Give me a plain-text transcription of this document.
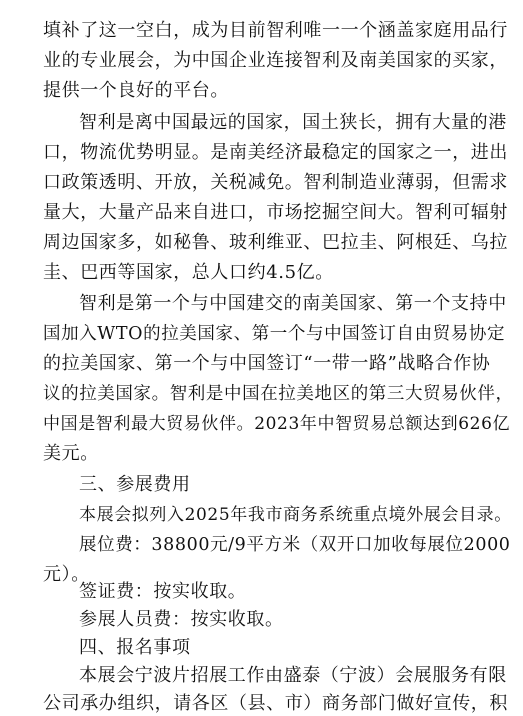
填补了这一空白，成为目前智利唯一一个涵盖家庭用品行
业的专业展会，为中国企业连接智利及南美国家的买家，
提供一个良好的平台。
智利是离中国最远的国家，国土狭长，拥有大量的港
口，物流优势明显。是南美经济最稳定的国家之一，进出
口政策透明、开放，关税减免。智利制造业薄弱，但需求
量大，大量产品来自进口，市场挖掘空间大。智利可辐射
周边国家多，如秘鲁、玻利维亚、巴拉圭、阿根廷、乌拉
圭、巴西等国家，总人口约4.5亿。
智利是第一个与中国建交的南美国家、第一个支持中
国加入WTO的拉美国家、第一个与中国签订自由贸易协定
的拉美国家、第一个与中国签订“一带一路”战略合作协
议的拉美国家。智利是中国在拉美地区的第三大贸易伙伴，
中国是智利最大贸易伙伴。2023年中智贸易总额达到626亿
美元。
三、参展费用
本展会拟列入2025年我市商务系统重点境外展会目录。
展位费：38800元/9平方米（双开口加收每展位2000
元）。
签证费：按实收取。
参展人员费：按实收取。
四、报名事项
本展会宁波片招展工作由盛泰（宁波）会展服务有限
公司承办组织，请各区（县、市）商务部门做好宣传，积
